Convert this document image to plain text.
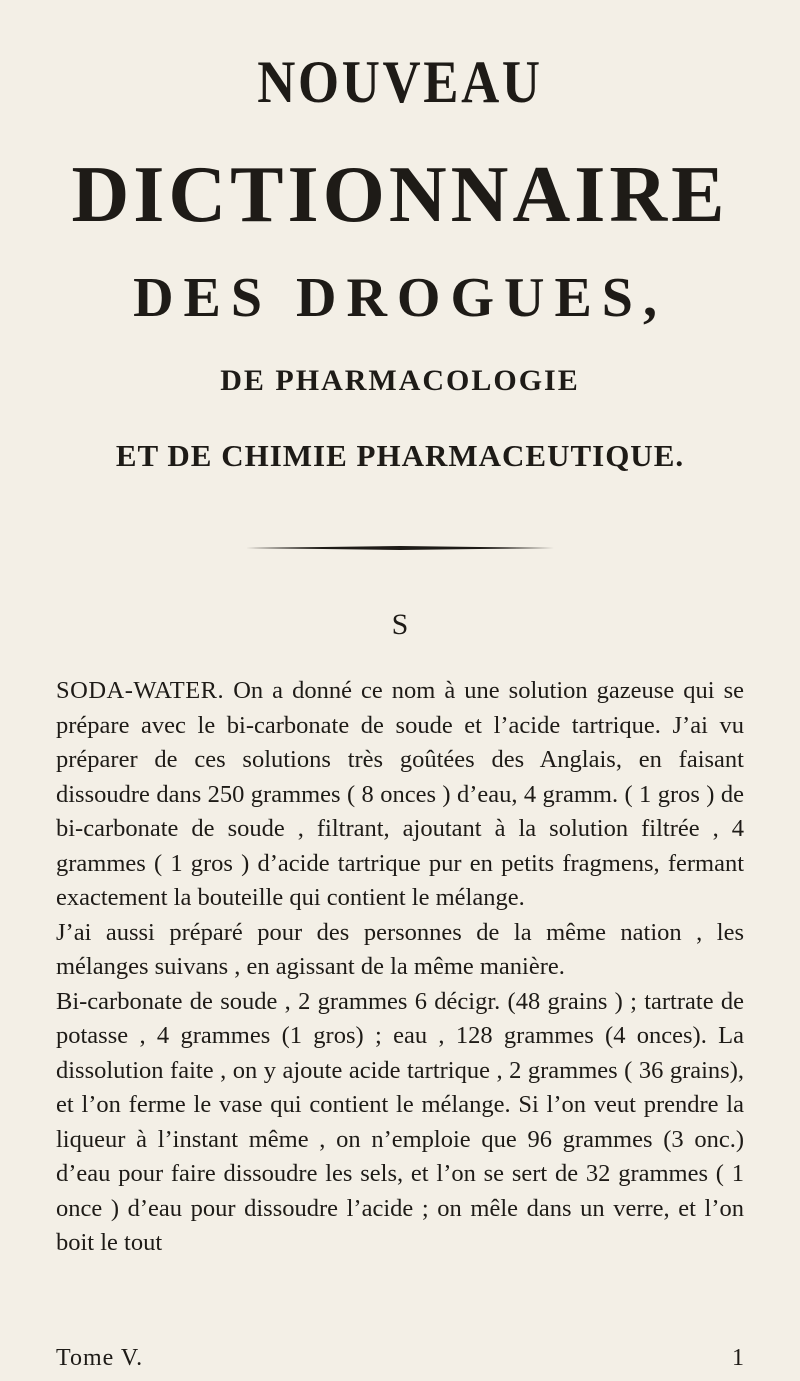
NOUVEAU
DICTIONNAIRE
DES DROGUES,
DE PHARMACOLOGIE
ET DE CHIMIE PHARMACEUTIQUE.
S

SODA-WATER. On a donné ce nom à une solution gazeuse qui se prépare avec le bi-carbonate de soude et l’acide tartrique. J’ai vu préparer de ces solutions très goûtées des Anglais, en faisant dissoudre dans 250 grammes ( 8 onces ) d’eau, 4 gramm. ( 1 gros ) de bi-carbonate de soude , filtrant, ajoutant à la solution filtrée , 4 grammes ( 1 gros ) d’acide tartrique pur en petits fragmens, fermant exactement la bouteille qui contient le mélange.

J’ai aussi préparé pour des personnes de la même nation , les mélanges suivans , en agissant de la même manière.

Bi-carbonate de soude , 2 grammes 6 décigr. (48 grains ) ; tartrate de potasse , 4 grammes (1 gros) ; eau , 128 grammes (4 onces). La dissolution faite , on y ajoute acide tartrique , 2 grammes ( 36 grains), et l’on ferme le vase qui contient le mélange. Si l’on veut prendre la liqueur à l’instant même , on n’emploie que 96 grammes (3 onc.) d’eau pour faire dissoudre les sels, et l’on se sert de 32 grammes ( 1 once ) d’eau pour dissoudre l’acide ; on mêle dans un verre, et l’on boit le tout

Tome V.	1
